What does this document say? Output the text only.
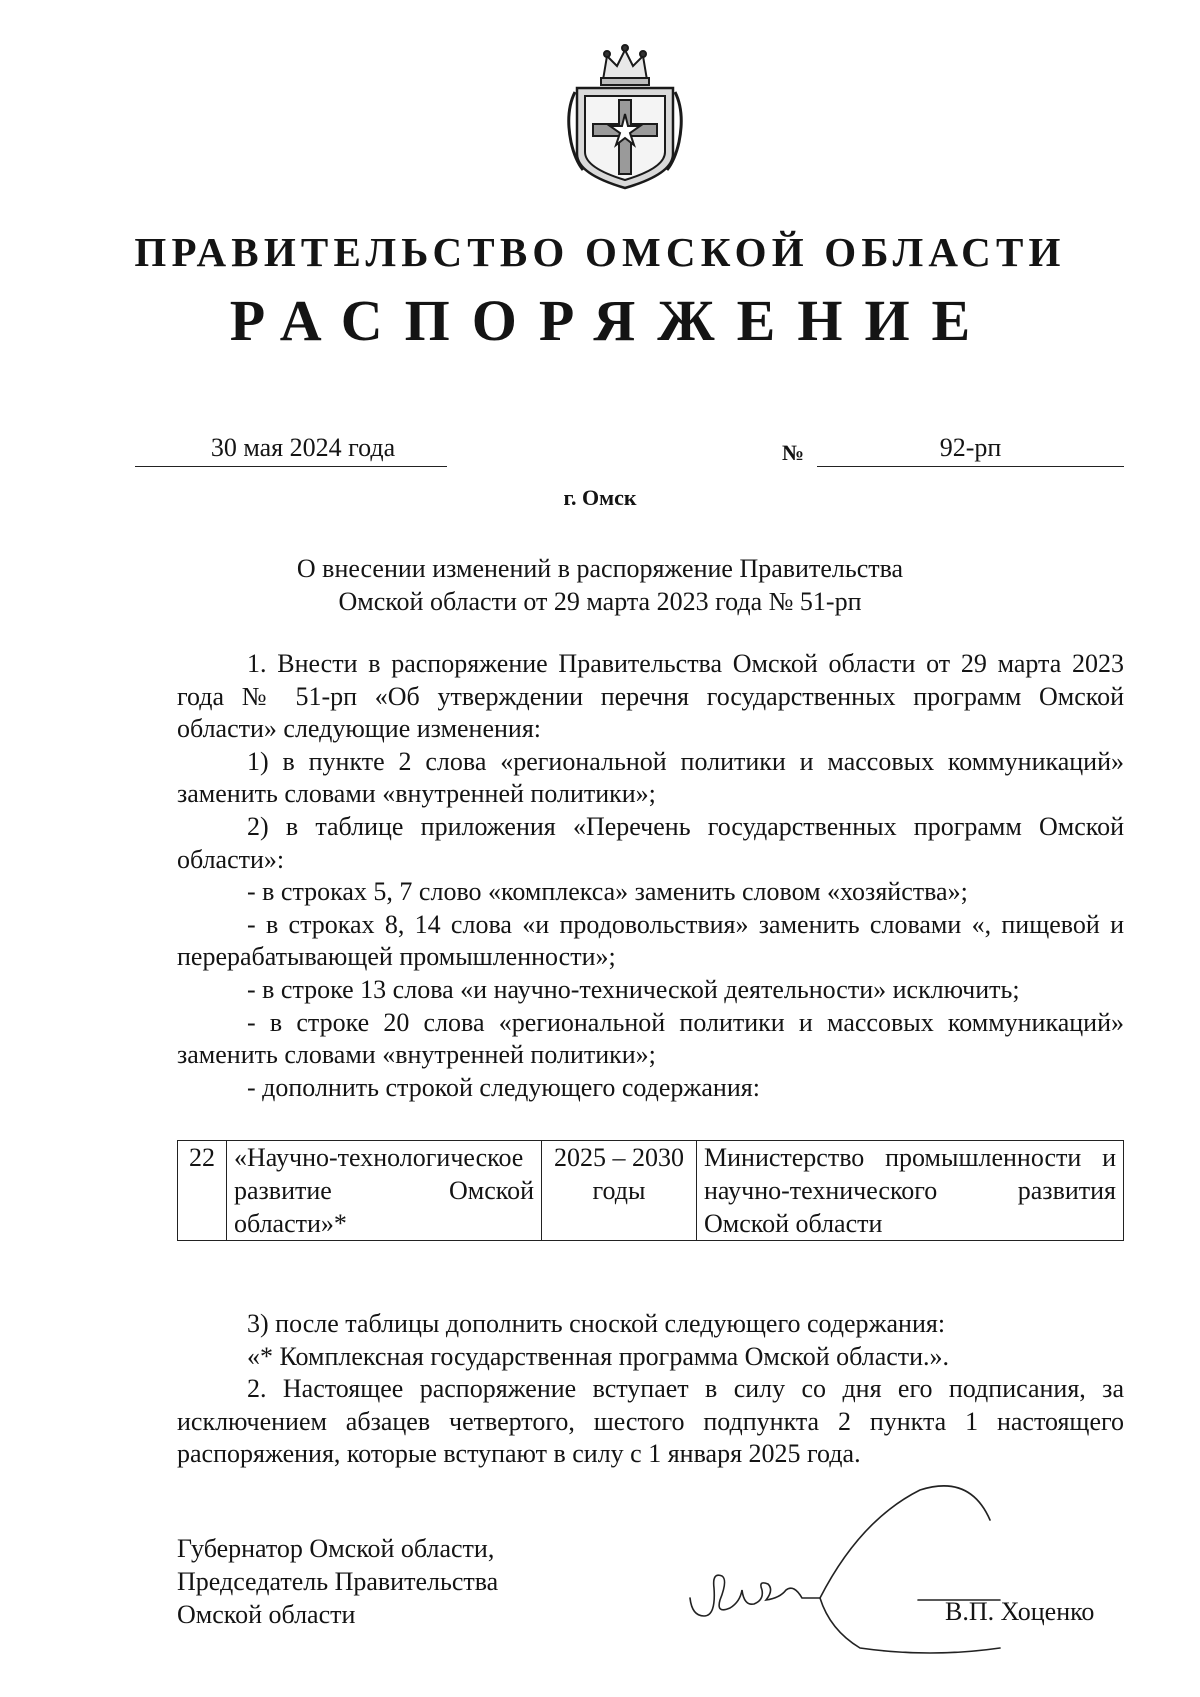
ПРАВИТЕЛЬСТВО ОМСКОЙ ОБЛАСТИ
РАСПОРЯЖЕНИЕ
30 мая 2024 года	№	92-рп
г. Омск
О внесении изменений в распоряжение Правительства
Омской области от 29 марта 2023 года № 51-рп

1. Внести в распоряжение Правительства Омской области от 29 марта 2023 года № 51-рп «Об утверждении перечня государственных программ Омской области» следующие изменения:

1) в пункте 2 слова «региональной политики и массовых коммуникаций» заменить словами «внутренней политики»;

2) в таблице приложения «Перечень государственных программ Омской области»:

- в строках 5, 7 слово «комплекса» заменить словом «хозяйства»;

- в строках 8, 14 слова «и продовольствия» заменить словами «, пищевой и перерабатывающей промышленности»;

- в строке 13 слова «и научно-технической деятельности» исключить;

- в строке 20 слова «региональной политики и массовых коммуникаций» заменить словами «внутренней политики»;

- дополнить строкой следующего содержания:

22	«Научно-технологическое развитие Омской области»*	2025 – 2030 годы	Министерство промышленности и научно-технического развития Омской области

3) после таблицы дополнить сноской следующего содержания:

«* Комплексная государственная программа Омской области.».

2. Настоящее распоряжение вступает в силу со дня его подписания, за исключением абзацев четвертого, шестого подпункта 2 пункта 1 настоящего распоряжения, которые вступают в силу с 1 января 2025 года.

Губернатор Омской области,
Председатель Правительства
Омской области	В.П. Хоценко
